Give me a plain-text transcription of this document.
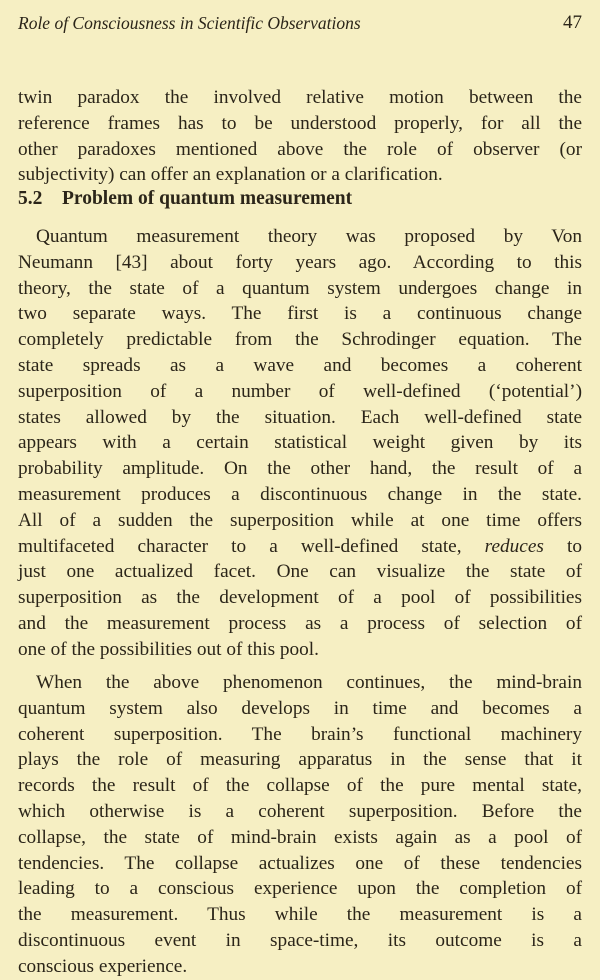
Role of Consciousness in Scientific Observations	47
twin paradox the involved relative motion between the
reference frames has to be understood properly, for all the
other paradoxes mentioned above the role of observer (or
subjectivity) can offer an explanation or a clarification.
5.2 Problem of quantum measurement
Quantum measurement theory was proposed by Von
Neumann [43] about forty years ago. According to this
theory, the state of a quantum system undergoes change in
two separate ways. The first is a continuous change
completely predictable from the Schrodinger equation. The
state spreads as a wave and becomes a coherent
superposition of a number of well-defined (‘potential’)
states allowed by the situation. Each well-defined state
appears with a certain statistical weight given by its
probability amplitude. On the other hand, the result of a
measurement produces a discontinuous change in the state.
All of a sudden the superposition while at one time offers
multifaceted character to a well-defined state, reduces to
just one actualized facet. One can visualize the state of
superposition as the development of a pool of possibilities
and the measurement process as a process of selection of
one of the possibilities out of this pool.
When the above phenomenon continues, the mind-brain
quantum system also develops in time and becomes a
coherent superposition. The brain’s functional machinery
plays the role of measuring apparatus in the sense that it
records the result of the collapse of the pure mental state,
which otherwise is a coherent superposition. Before the
collapse, the state of mind-brain exists again as a pool of
tendencies. The collapse actualizes one of these tendencies
leading to a conscious experience upon the completion of
the measurement. Thus while the measurement is a
discontinuous event in space-time, its outcome is a
conscious experience.
